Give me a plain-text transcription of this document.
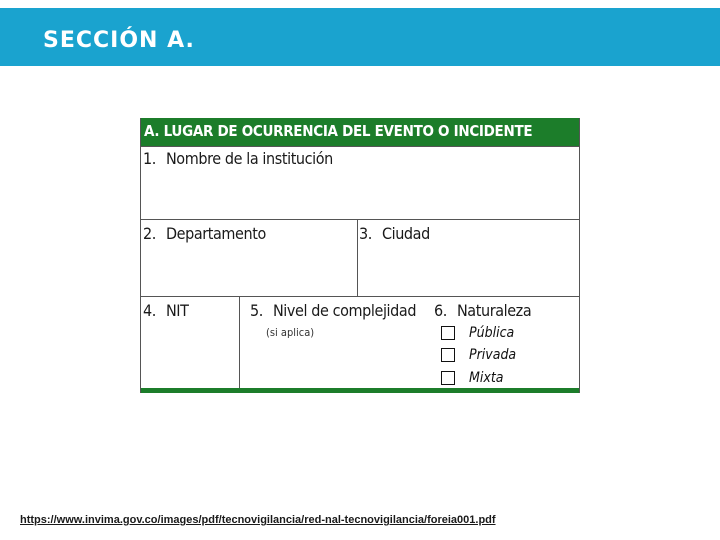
SECCIÓN A.
A. LUGAR DE OCURRENCIA DEL EVENTO O INCIDENTE
1. Nombre de la institución
2. Departamento	3. Ciudad
4. NIT	5. Nivel de complejidad
(si aplica)
6. Naturaleza
Pública
Privada
Mixta
https://www.invima.gov.co/images/pdf/tecnovigilancia/red-nal-tecnovigilancia/foreia001.pdf
